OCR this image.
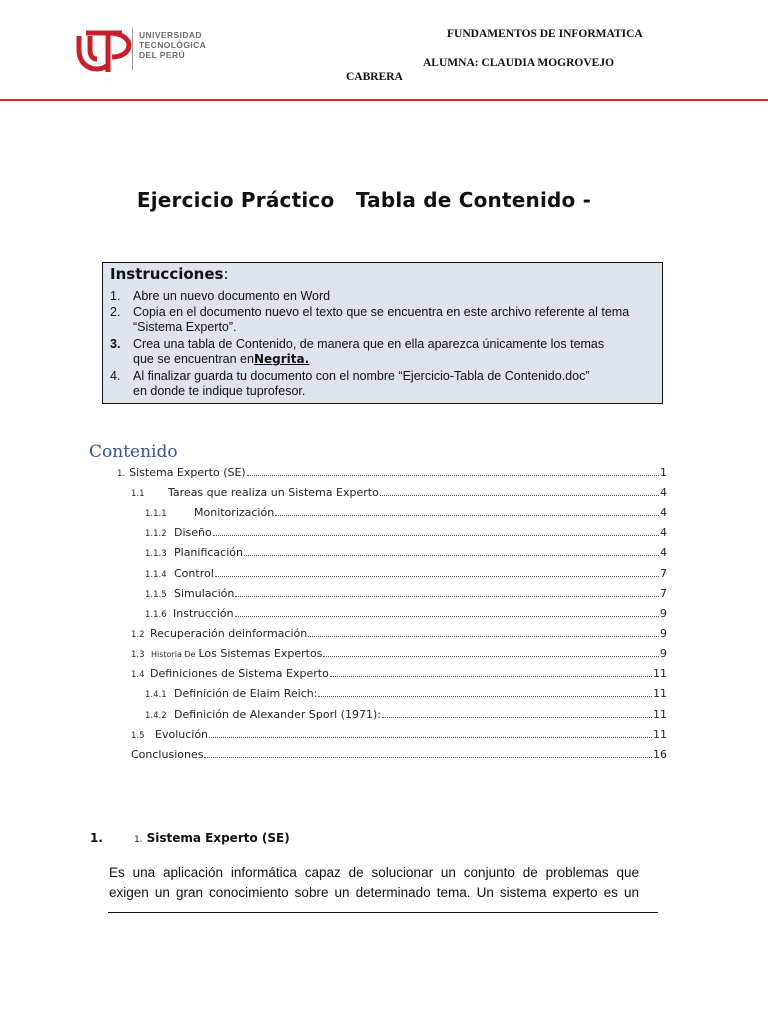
UNIVERSIDAD
TECNOLÓGICA
DEL PERÚ
FUNDAMENTOS DE INFORMATICA
ALUMNA: CLAUDIA MOGROVEJO
CABRERA
Ejercicio Práctico   Tabla de Contenido -
Instrucciones:
1. Abre un nuevo documento en Word
2. Copia en el documento nuevo el texto que se encuentra en este archivo referente al tema
“Sistema Experto”.
3. Crea una tabla de Contenido, de manera que en ella aparezca únicamente los temas
que se encuentran enNegrita.
4. Al finalizar guarda tu documento con el nombre “Ejercicio-Tabla de Contenido.doc”
en donde te indique tuprofesor.
Contenido
1. Sistema Experto (SE)	1
1.1	Tareas que realiza un Sistema Experto	4
1.1.1	Monitorización	4
1.1.2 Diseño	4
1.1.3 Planificación	4
1.1.4 Control	7
1.1.5 Simulación	7
1.1.6 Instrucción	9
1.2 Recuperación deinformación	9
1.3 Historia De Los Sistemas Expertos	9
1.4 Definiciones de Sistema Experto	11
1.4.1 Definición de Elaim Reich:	11
1.4.2 Definición de Alexander Sporl (1971):	11
1.5 Evolución	11
Conclusiones	16
1.	1. Sistema Experto (SE)
Es una aplicación informática capaz de solucionar un conjunto de problemas que
exigen un gran conocimiento sobre un determinado tema. Un sistema experto es un
